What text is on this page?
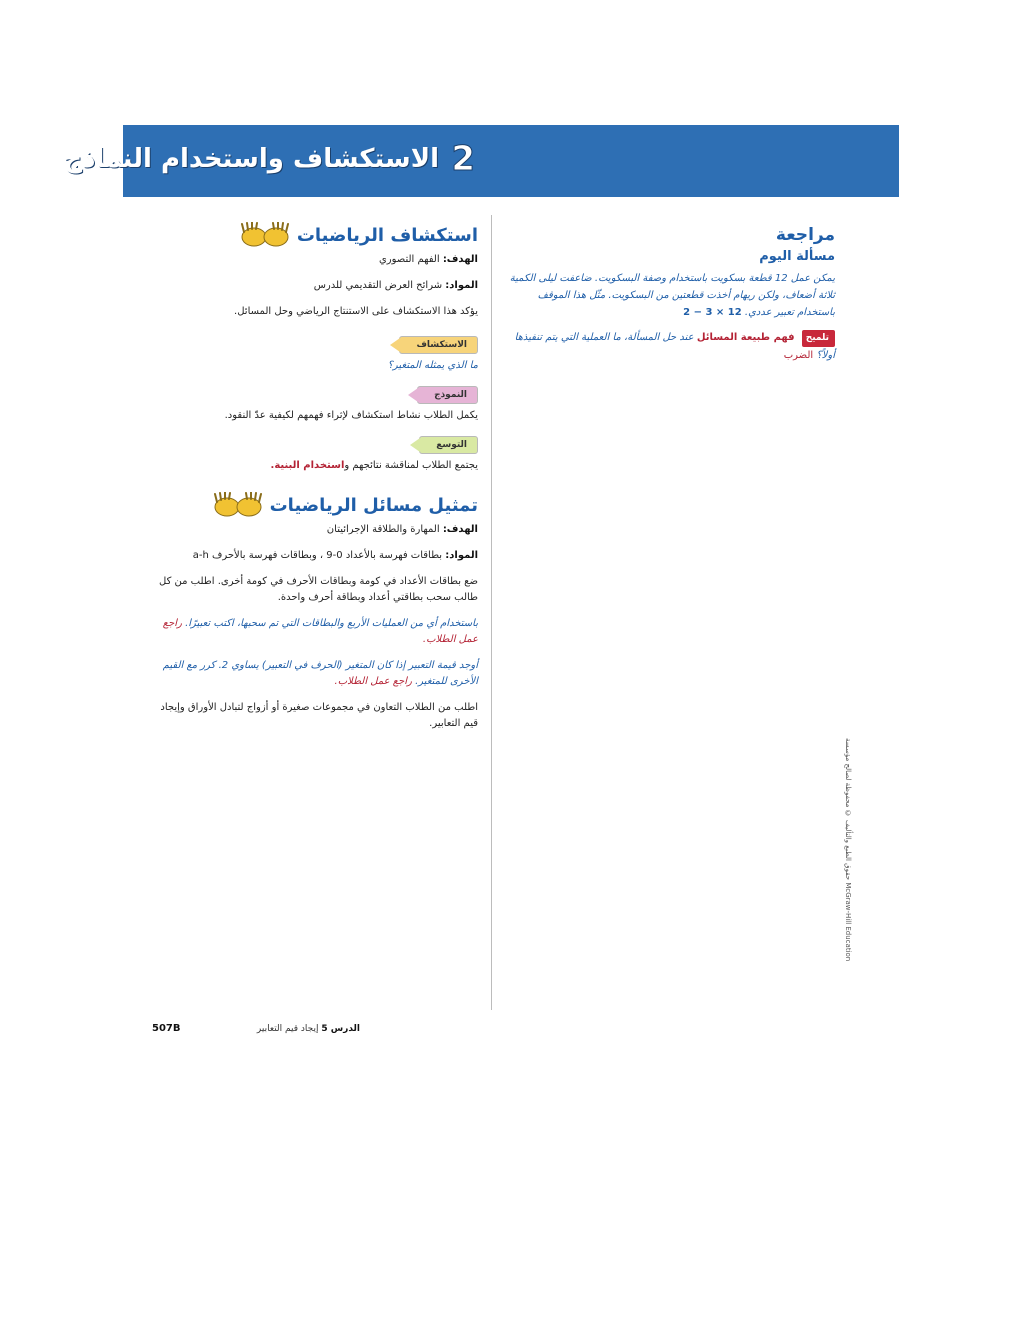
2
الاستكشاف واستخدام النماذج

مراجعة

مسألة اليوم

يمكن عمل 12 قطعة بسكويت باستخدام وصفة البسكويت. ضاعفت ليلى الكمية ثلاثة أضعاف، ولكن ريهام أخذت قطعتين من البسكويت. مثّل هذا الموقف باستخدام تعبير عددي. 12 × 3 − 2

تلميح فهم طبيعة المسائل عند حل المسألة، ما العملية التي يتم تنفيذها أولاً؟ الضرب
استكشاف الرياضيات

الهدف: الفهم التصوري

المواد: شرائح العرض التقديمي للدرس

يؤكد هذا الاستكشاف على الاستنتاج الرياضي وحل المسائل.

الاستكشاف

ما الذي يمثله المتغير؟

النموذج

يكمل الطلاب نشاط استكشاف لإثراء فهمهم لكيفية عدّ النقود.

التوسع

يجتمع الطلاب لمناقشة نتائجهم واستخدام البنية.

تمثيل مسائل الرياضيات

الهدف: المهارة والطلاقة الإجرائيتان

المواد: بطاقات فهرسة بالأعداد 0-9 ، وبطاقات فهرسة بالأحرف a-h

ضع بطاقات الأعداد في كومة وبطاقات الأحرف في كومة أخرى. اطلب من كل طالب سحب بطاقتي أعداد وبطاقة أحرف واحدة.

باستخدام أي من العمليات الأربع والبطاقات التي تم سحبها، اكتب تعبيرًا. راجع عمل الطلاب.

أوجد قيمة التعبير إذا كان المتغير (الحرف في التعبير) يساوي 2. كرر مع القيم الأخرى للمتغير. راجع عمل الطلاب.

اطلب من الطلاب التعاون في مجموعات صغيرة أو أزواج لتبادل الأوراق وإيجاد قيم التعابير.

حقوق الطبع والتأليف © محفوظة لصالح مؤسسة McGraw-Hill Education
الدرس 5 إيجاد قيم التعابير
507B
